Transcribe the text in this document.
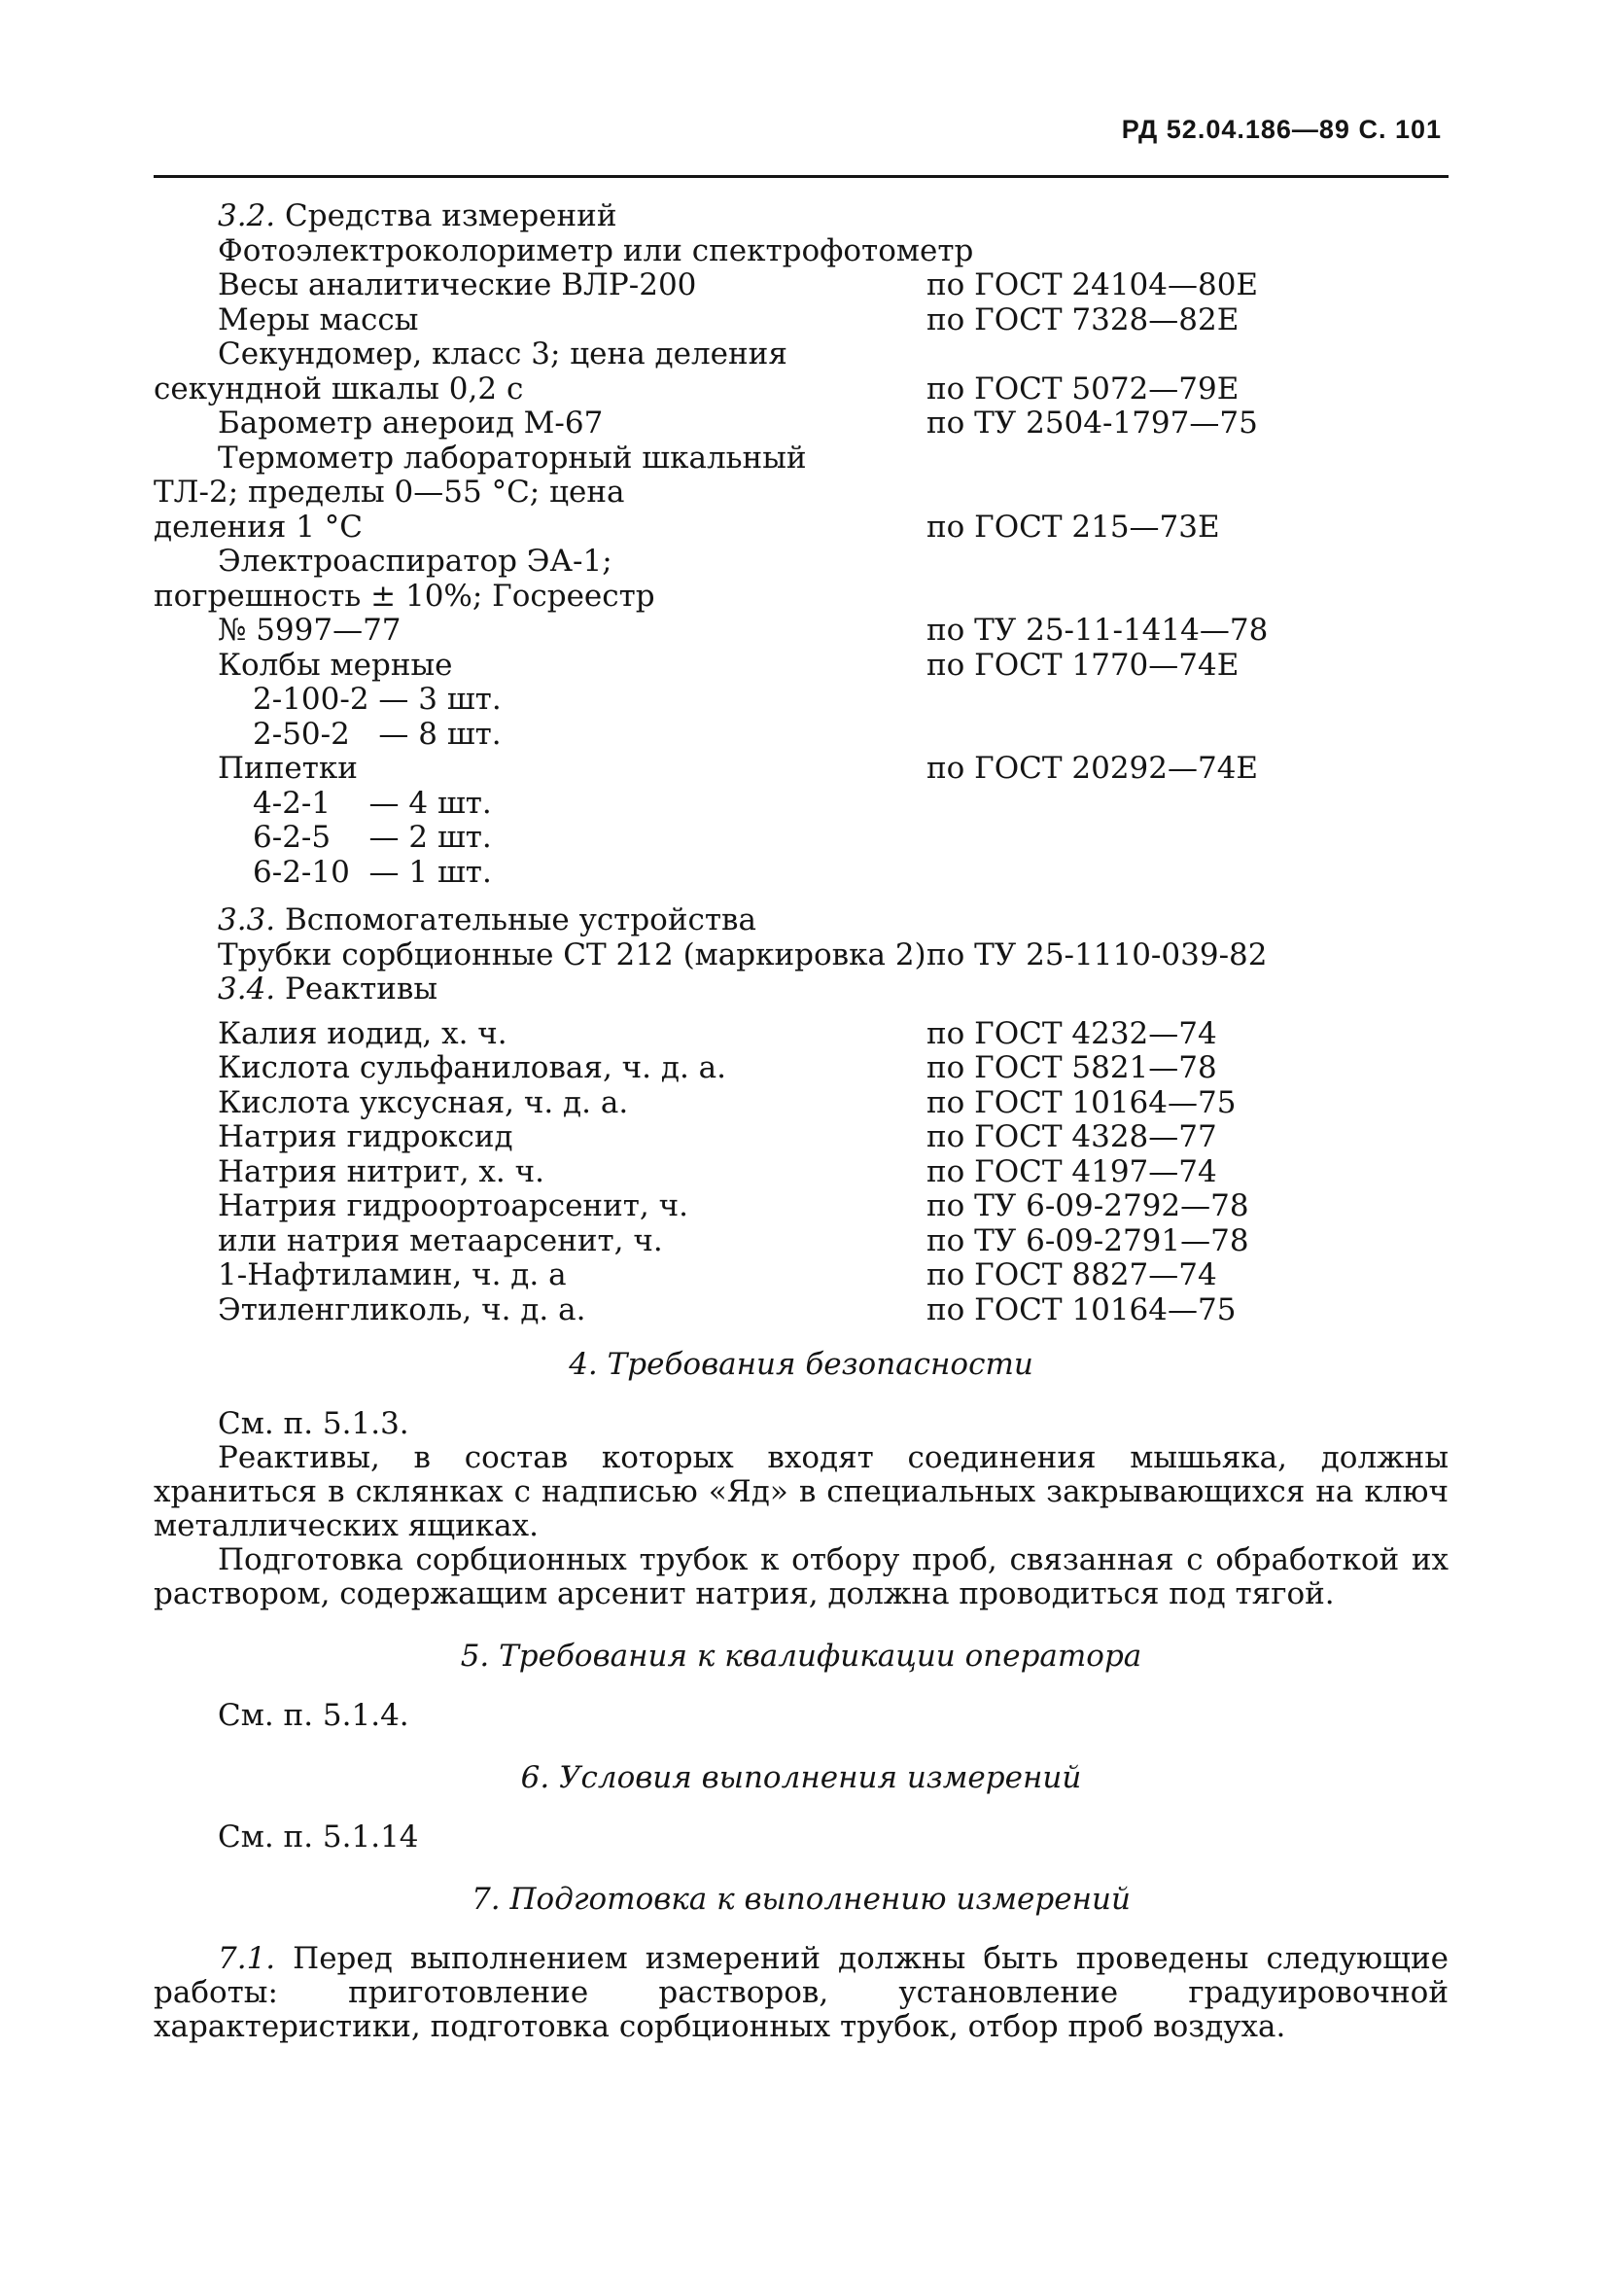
РД 52.04.186—89 С. 101
3.2. Средства измерений
Фотоэлектроколориметр или спектрофотометр
Весы аналитические ВЛР-200	по ГОСТ 24104—80Е
Меры массы	по ГОСТ 7328—82Е
Секундомер, класс 3; цена деления
секундной шкалы 0,2 с	по ГОСТ 5072—79Е
Барометр анероид М-67	по ТУ 2504-1797—75
Термометр лабораторный шкальный
ТЛ-2; пределы 0—55 °С; цена
деления 1 °С	по ГОСТ 215—73Е
Электроаспиратор ЭА-1;
погрешность ± 10%; Госреестр
№ 5997—77	по ТУ 25-11-1414—78
Колбы мерные	по ГОСТ 1770—74Е
2-100-2 — 3 шт.
2-50-2   — 8 шт.
Пипетки	по ГОСТ 20292—74Е
4-2-1    — 4 шт.
6-2-5    — 2 шт.
6-2-10  — 1 шт.
3.3. Вспомогательные устройства
Трубки сорбционные СТ 212 (маркировка 2) по ТУ 25-1110-039-82
3.4. Реактивы
Калия иодид, х. ч.	по ГОСТ 4232—74
Кислота сульфаниловая, ч. д. а.	по ГОСТ 5821—78
Кислота уксусная, ч. д. а.	по ГОСТ 10164—75
Натрия гидроксид	по ГОСТ 4328—77
Натрия нитрит, х. ч.	по ГОСТ 4197—74
Натрия гидроортоарсенит, ч.	по ТУ 6-09-2792—78
или натрия метаарсенит, ч.	по ТУ 6-09-2791—78
1-Нафтиламин, ч. д. а	по ГОСТ 8827—74
Этиленгликоль, ч. д. а.	по ГОСТ 10164—75
4. Требования безопасности

См. п. 5.1.3.

Реактивы, в состав которых входят соединения мышьяка, должны храниться в склянках с надписью «Яд» в специальных закрывающихся на ключ металлических ящиках.

Подготовка сорбционных трубок к отбору проб, связанная с обработкой их раствором, содержащим арсенит натрия, должна проводиться под тягой.

5. Требования к квалификации оператора

См. п. 5.1.4.

6. Условия выполнения измерений

См. п. 5.1.14

7. Подготовка к выполнению измерений

7.1. Перед выполнением измерений должны быть проведены следующие работы: приготовление растворов, установление градуировочной характеристики, подготовка сорбционных трубок, отбор проб воздуха.
